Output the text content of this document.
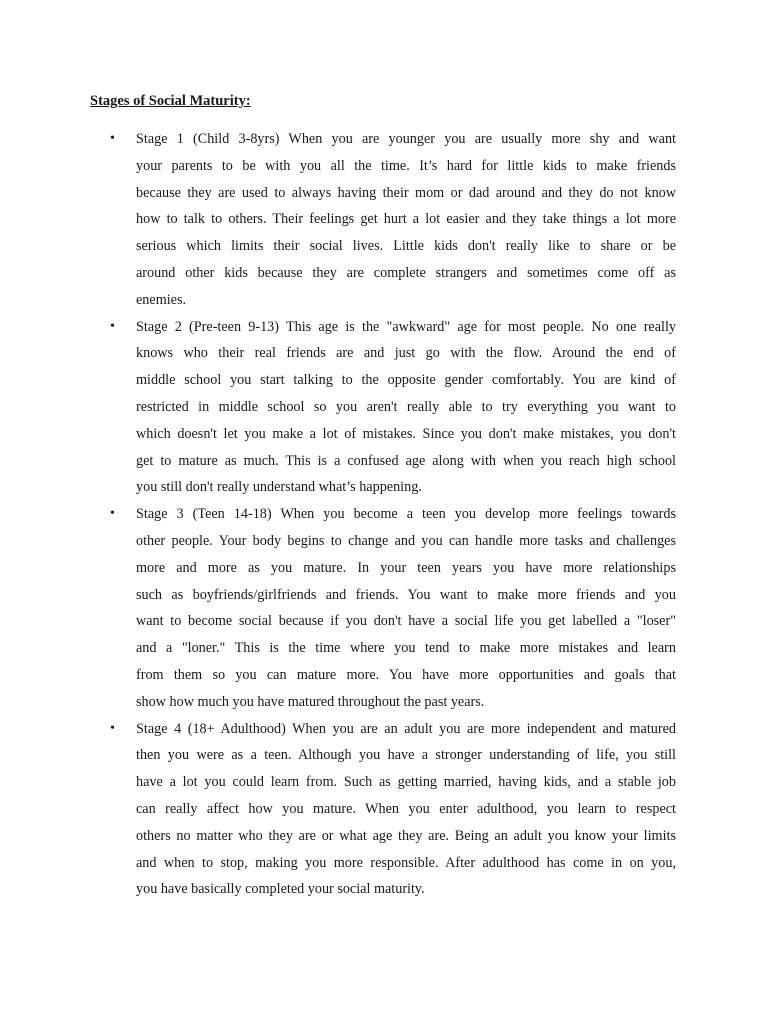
Stages of Social Maturity:
•	Stage 1 (Child 3-8yrs) When you are younger you are usually more shy and want
your parents to be with you all the time. It’s hard for little kids to make friends
because they are used to always having their mom or dad around and they do not know
how to talk to others. Their feelings get hurt a lot easier and they take things a lot more
serious which limits their social lives. Little kids don't really like to share or be
around other kids because they are complete strangers and sometimes come off as
enemies.
•	Stage 2 (Pre-teen 9-13) This age is the "awkward" age for most people. No one really
knows who their real friends are and just go with the flow. Around the end of
middle school you start talking to the opposite gender comfortably. You are kind of
restricted in middle school so you aren't really able to try everything you want to
which doesn't let you make a lot of mistakes. Since you don't make mistakes, you don't
get to mature as much. This is a confused age along with when you reach high school
you still don't really understand what’s happening.
•	Stage 3 (Teen 14-18) When you become a teen you develop more feelings towards
other people. Your body begins to change and you can handle more tasks and challenges
more and more as you mature. In your teen years you have more relationships
such as boyfriends/girlfriends and friends. You want to make more friends and you
want to become social because if you don't have a social life you get labelled a "loser"
and a "loner." This is the time where you tend to make more mistakes and learn
from them so you can mature more. You have more opportunities and goals that
show how much you have matured throughout the past years.
•	Stage 4 (18+ Adulthood) When you are an adult you are more independent and matured
then you were as a teen. Although you have a stronger understanding of life, you still
have a lot you could learn from. Such as getting married, having kids, and a stable job
can really affect how you mature. When you enter adulthood, you learn to respect
others no matter who they are or what age they are. Being an adult you know your limits
and when to stop, making you more responsible. After adulthood has come in on you,
you have basically completed your social maturity.
